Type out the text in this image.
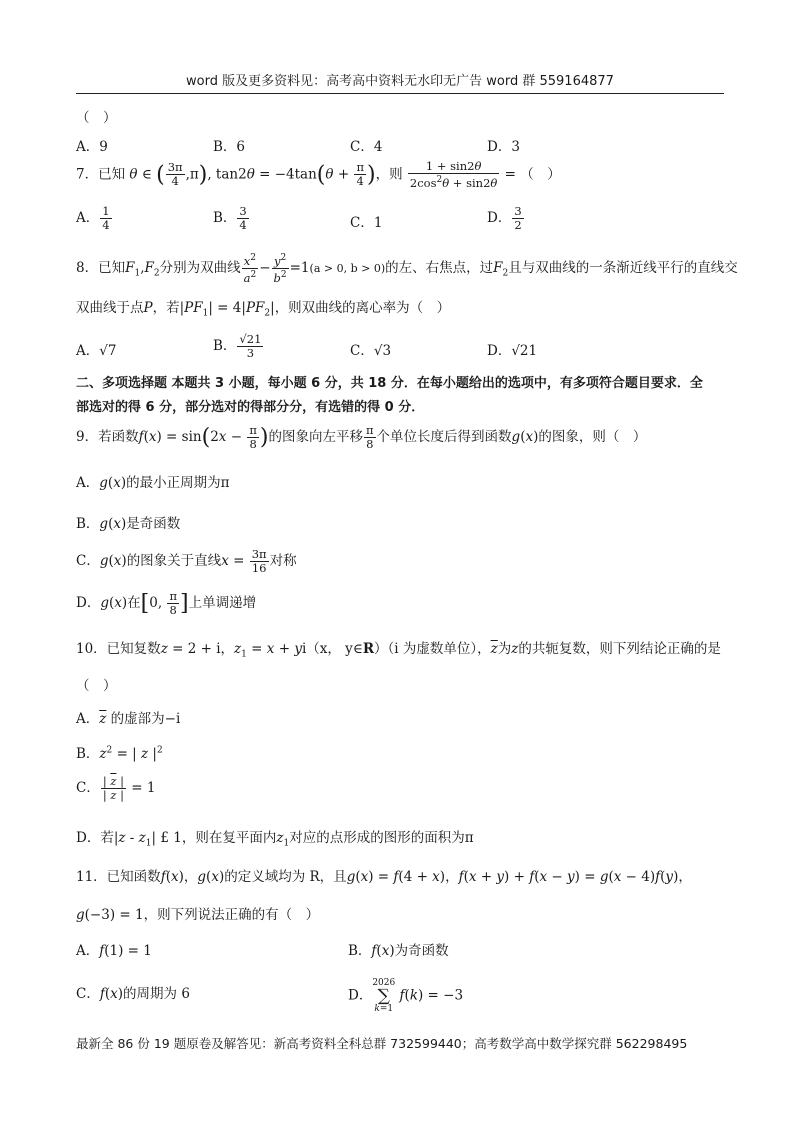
word 版及更多资料见：高考高中资料无水印无广告 word 群 559164877
（　）
A．9	B．6	C．4	D．3
7．已知 θ ∈ ( $\frac{3\pi}{4} ,\pi$), $\tan 2\theta = -4\tan(\theta + \frac{\pi}{4}$ )，则 $\frac{1 + \sin 2\theta}{2\cos^2\theta + \sin 2\theta}$ = （　）
A． $\frac{1}{4}$	B． $\frac{3}{4}$	C．1	D． $\frac{3}{2}$
8．已知$F_1,F_2$分别为双曲线 $\frac{x^2}{a^2} - \frac{y^2}{b^2} =1(a > 0$, b > 0)的左、右焦点，过$F_2$且与双曲线的一条渐近线平行的直线交
双曲线于点P，若$|PF_1| = 4|PF_2|$，则双曲线的离心率为（　）
A．√7	B． $\frac{√21}{3}$	C．√3	D．√21
二、多项选择题 本题共 3 小题，每小题 6 分，共 18 分．在每小题给出的选项中，有多项符合题目要求．全
部选对的得 6 分，部分选对的得部分分，有选错的得 0 分．
9．若函数$f(x) = \sin(2x - \frac{\pi}{8}$ )的图象向左平移 $\frac{\pi}{8}$ 个单位长度后得到函数g(x)的图象，则（　）
A．g(x)的最小正周期为π
B．g(x)是奇函数
C．g(x)的图象关于直线$x = \frac{3\pi}{16}$ 对称
D．g(x)在[0, $\frac{\pi}{8}$ ]上单调递增
10．已知复数z = 2 + i，$z_1 = x + yi(x$， y∈R）（i 为虚数单位），$\overline{z}$为z的共轭复数，则下列结论正确的是
（　）
A．$\overline{z}$ 的虚部为−i
B．$z^2$ = | z $|^2$
C． $\frac{| \overline{z} |}{| z |} = 1$
D．若$|z - z_1|$ £ 1，则在复平面内$z_1$对应的点形成的图形的面积为π
11．已知函数f(x)，g(x)的定义域均为 R，且g(x) = f(4 + x)，f(x + y) + f(x − y) = g(x − 4)f(y)，
g(−3) = 1，则下列说法正确的有（　）
A．f(1) = 1	B．f(x)为奇函数
C．f(x)的周期为 6	D．
2026
∑
k=1
f(k) = −3
最新全 86 份 19 题原卷及解答见：新高考资料全科总群 732599440；高考数学高中数学探究群 562298495
